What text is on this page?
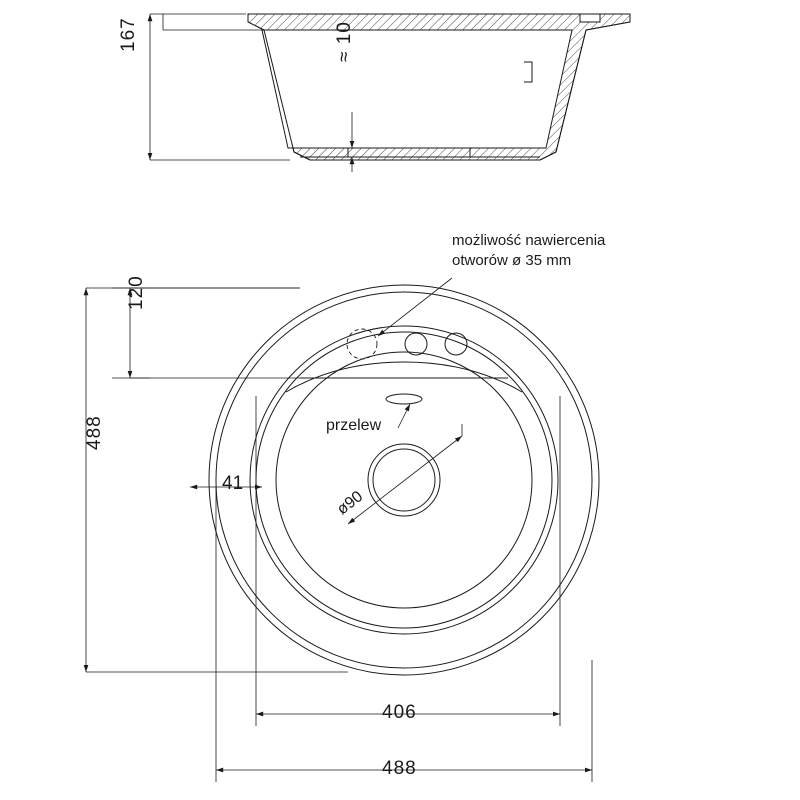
167	≈ 10
możliwość nawiercenia
otworów ø 35 mm
przelew
ø90
120
488
41
406
488
